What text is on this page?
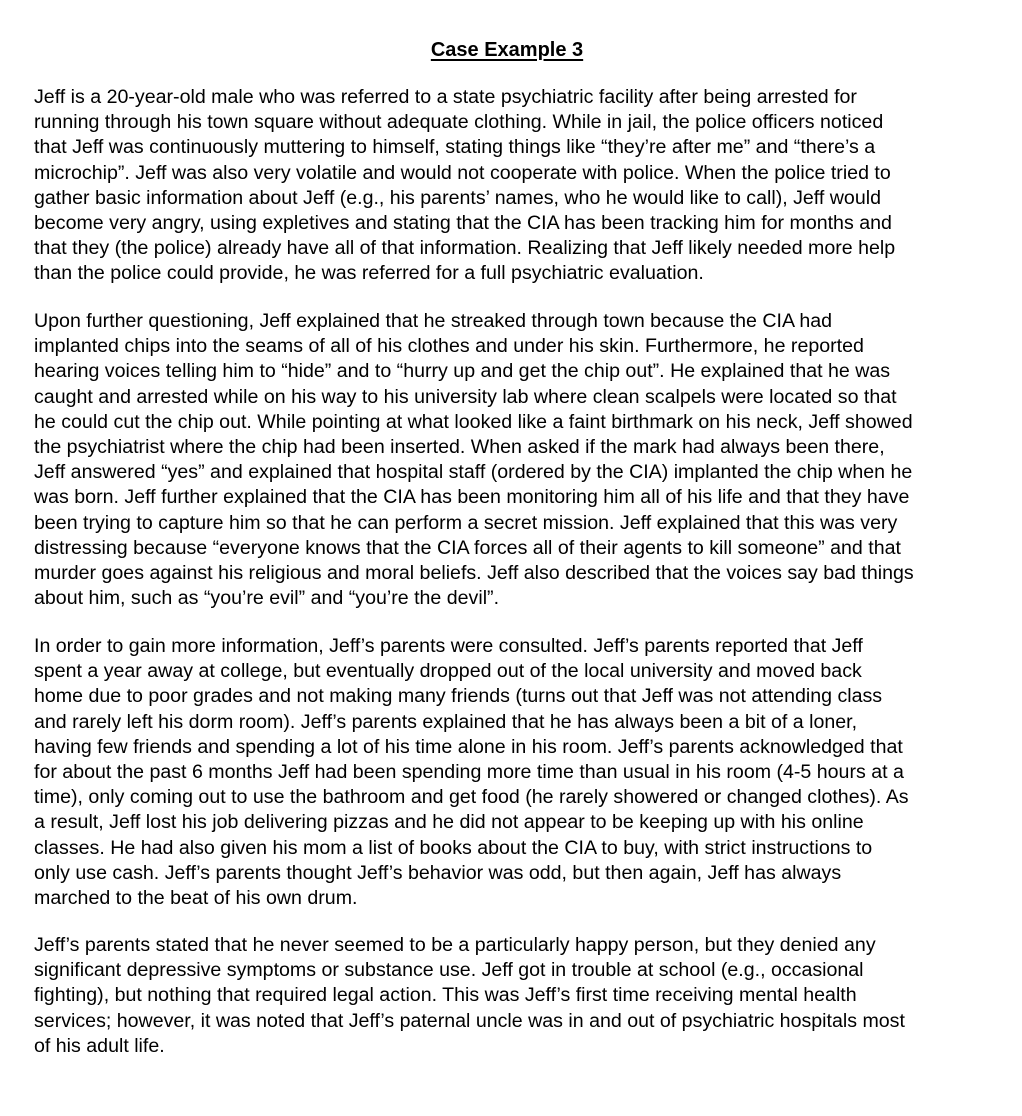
Case Example 3

Jeff is a 20-year-old male who was referred to a state psychiatric facility after being arrested for
running through his town square without adequate clothing. While in jail, the police officers noticed
that Jeff was continuously muttering to himself, stating things like “they’re after me” and “there’s a
microchip”. Jeff was also very volatile and would not cooperate with police. When the police tried to
gather basic information about Jeff (e.g., his parents’ names, who he would like to call), Jeff would
become very angry, using expletives and stating that the CIA has been tracking him for months and
that they (the police) already have all of that information. Realizing that Jeff likely needed more help
than the police could provide, he was referred for a full psychiatric evaluation.

Upon further questioning, Jeff explained that he streaked through town because the CIA had
implanted chips into the seams of all of his clothes and under his skin. Furthermore, he reported
hearing voices telling him to “hide” and to “hurry up and get the chip out”. He explained that he was
caught and arrested while on his way to his university lab where clean scalpels were located so that
he could cut the chip out. While pointing at what looked like a faint birthmark on his neck, Jeff showed
the psychiatrist where the chip had been inserted. When asked if the mark had always been there,
Jeff answered “yes” and explained that hospital staff (ordered by the CIA) implanted the chip when he
was born. Jeff further explained that the CIA has been monitoring him all of his life and that they have
been trying to capture him so that he can perform a secret mission. Jeff explained that this was very
distressing because “everyone knows that the CIA forces all of their agents to kill someone” and that
murder goes against his religious and moral beliefs. Jeff also described that the voices say bad things
about him, such as “you’re evil” and “you’re the devil”.

In order to gain more information, Jeff’s parents were consulted. Jeff’s parents reported that Jeff
spent a year away at college, but eventually dropped out of the local university and moved back
home due to poor grades and not making many friends (turns out that Jeff was not attending class
and rarely left his dorm room). Jeff’s parents explained that he has always been a bit of a loner,
having few friends and spending a lot of his time alone in his room. Jeff’s parents acknowledged that
for about the past 6 months Jeff had been spending more time than usual in his room (4-5 hours at a
time), only coming out to use the bathroom and get food (he rarely showered or changed clothes). As
a result, Jeff lost his job delivering pizzas and he did not appear to be keeping up with his online
classes. He had also given his mom a list of books about the CIA to buy, with strict instructions to
only use cash. Jeff’s parents thought Jeff’s behavior was odd, but then again, Jeff has always
marched to the beat of his own drum.

Jeff’s parents stated that he never seemed to be a particularly happy person, but they denied any
significant depressive symptoms or substance use. Jeff got in trouble at school (e.g., occasional
fighting), but nothing that required legal action. This was Jeff’s first time receiving mental health
services; however, it was noted that Jeff’s paternal uncle was in and out of psychiatric hospitals most
of his adult life.
